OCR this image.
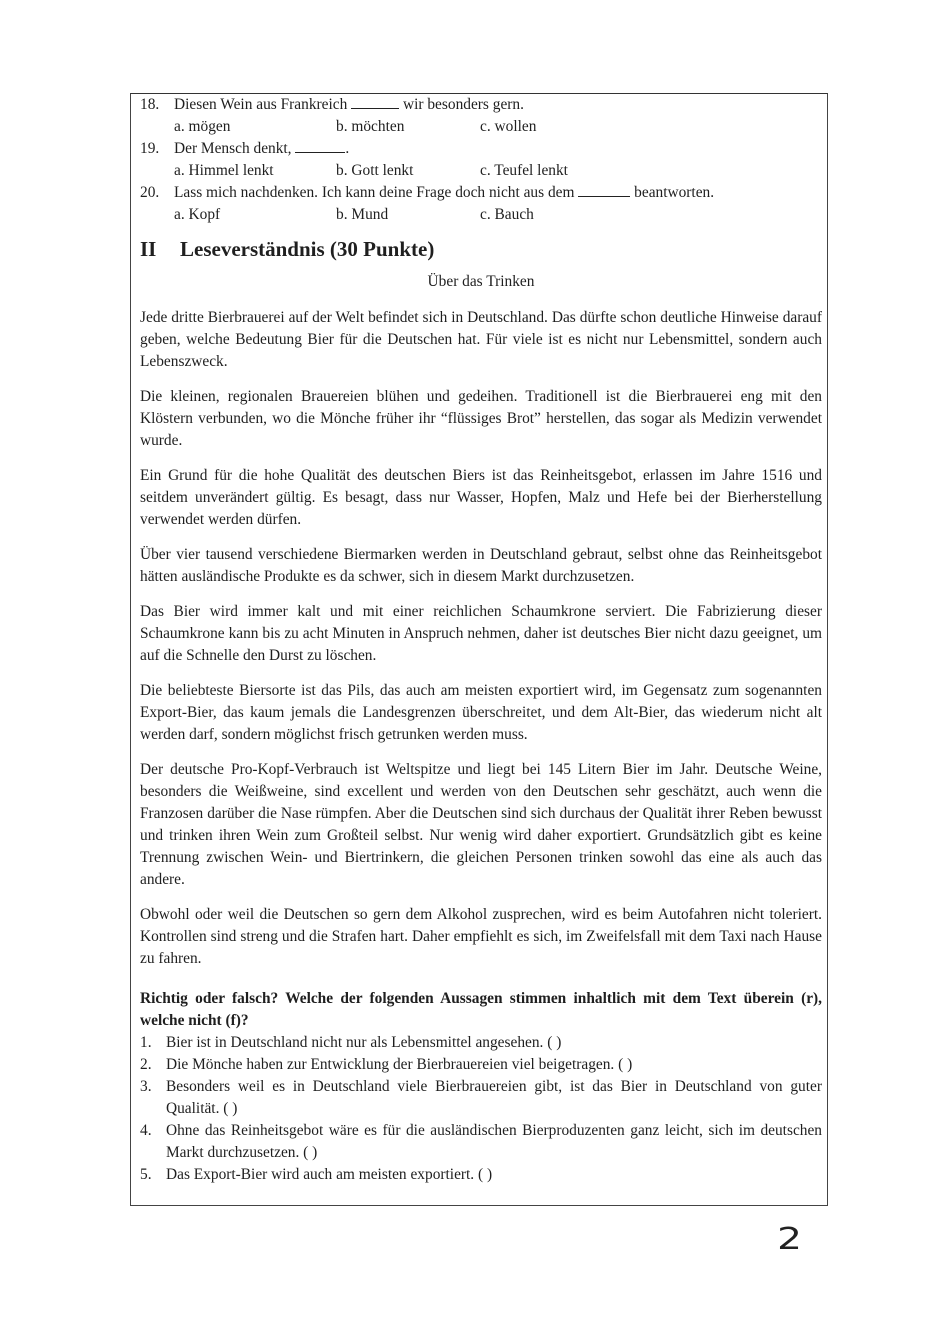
18. Diesen Wein aus Frankreich	wir besonders gern.
a. mögen	b. möchten	c. wollen
19. Der Mensch denkt,	.
a. Himmel lenkt	b. Gott lenkt	c. Teufel lenkt
20. Lass mich nachdenken. Ich kann deine Frage doch nicht aus dem	beantworten.
a. Kopf	b. Mund	c. Bauch
II	Leseverständnis (30 Punkte)
Über das Trinken

Jede dritte Bierbrauerei auf der Welt befindet sich in Deutschland. Das dürfte schon deutliche Hinweise darauf geben, welche Bedeutung Bier für die Deutschen hat. Für viele ist es nicht nur Lebensmittel, sondern auch Lebenszweck.

Die kleinen, regionalen Brauereien blühen und gedeihen. Traditionell ist die Bierbrauerei eng mit den Klöstern verbunden, wo die Mönche früher ihr “flüssiges Brot” herstellen, das sogar als Medizin verwendet wurde.

Ein Grund für die hohe Qualität des deutschen Biers ist das Reinheitsgebot, erlassen im Jahre 1516 und seitdem unverändert gültig. Es besagt, dass nur Wasser, Hopfen, Malz und Hefe bei der Bierherstellung verwendet werden dürfen.

Über vier tausend verschiedene Biermarken werden in Deutschland gebraut, selbst ohne das Reinheitsgebot hätten ausländische Produkte es da schwer, sich in diesem Markt durchzusetzen.

Das Bier wird immer kalt und mit einer reichlichen Schaumkrone serviert. Die Fabrizierung dieser Schaumkrone kann bis zu acht Minuten in Anspruch nehmen, daher ist deutsches Bier nicht dazu geeignet, um auf die Schnelle den Durst zu löschen.

Die beliebteste Biersorte ist das Pils, das auch am meisten exportiert wird, im Gegensatz zum sogenannten Export-Bier, das kaum jemals die Landesgrenzen überschreitet, und dem Alt-Bier, das wiederum nicht alt werden darf, sondern möglichst frisch getrunken werden muss.

Der deutsche Pro-Kopf-Verbrauch ist Weltspitze und liegt bei 145 Litern Bier im Jahr. Deutsche Weine, besonders die Weißweine, sind excellent und werden von den Deutschen sehr geschätzt, auch wenn die Franzosen darüber die Nase rümpfen. Aber die Deutschen sind sich durchaus der Qualität ihrer Reben bewusst und trinken ihren Wein zum Großteil selbst. Nur wenig wird daher exportiert. Grundsätzlich gibt es keine Trennung zwischen Wein- und Biertrinkern, die gleichen Personen trinken sowohl das eine als auch das andere.

Obwohl oder weil die Deutschen so gern dem Alkohol zusprechen, wird es beim Autofahren nicht toleriert. Kontrollen sind streng und die Strafen hart. Daher empfiehlt es sich, im Zweifelsfall mit dem Taxi nach Hause zu fahren.

Richtig oder falsch? Welche der folgenden Aussagen stimmen inhaltlich mit dem Text überein (r), welche nicht (f)?
1. Bier ist in Deutschland nicht nur als Lebensmittel angesehen. ( )
2. Die Mönche haben zur Entwicklung der Bierbrauereien viel beigetragen. ( )
3. Besonders weil es in Deutschland viele Bierbrauereien gibt, ist das Bier in Deutschland von guter Qualität. ( )
4. Ohne das Reinheitsgebot wäre es für die ausländischen Bierproduzenten ganz leicht, sich im deutschen Markt durchzusetzen. ( )
5. Das Export-Bier wird auch am meisten exportiert. ( )
2
